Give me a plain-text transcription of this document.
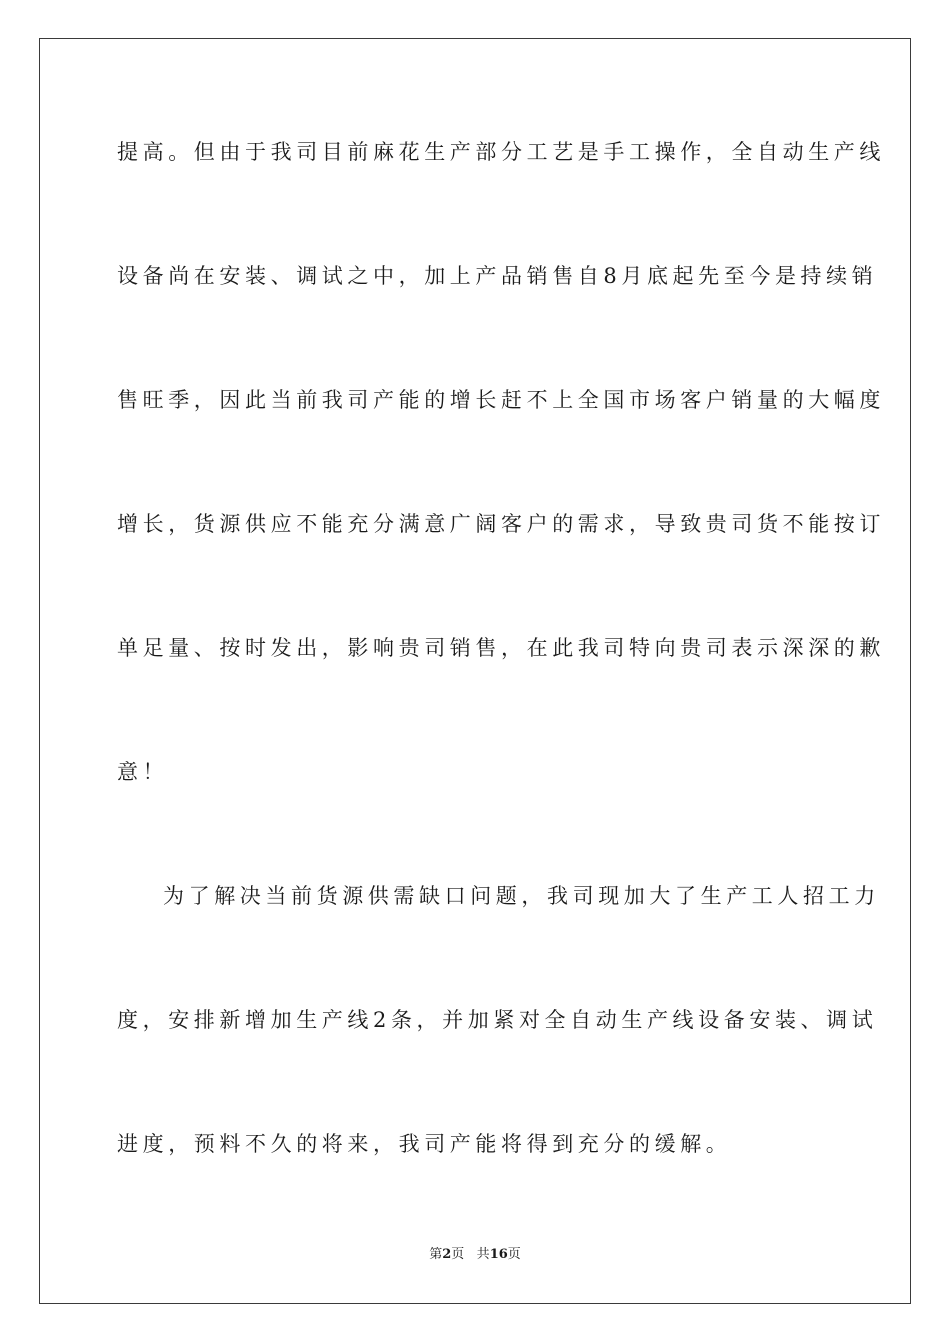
提高。但由于我司目前麻花生产部分工艺是手工操作，全自动生产线
设备尚在安装、调试之中，加上产品销售自8月底起先至今是持续销
售旺季，因此当前我司产能的增长赶不上全国市场客户销量的大幅度
增长，货源供应不能充分满意广阔客户的需求，导致贵司货不能按订
单足量、按时发出，影响贵司销售，在此我司特向贵司表示深深的歉
意！
为了解决当前货源供需缺口问题，我司现加大了生产工人招工力
度，安排新增加生产线2条，并加紧对全自动生产线设备安装、调试
进度，预料不久的将来，我司产能将得到充分的缓解。
第2页 共16页
